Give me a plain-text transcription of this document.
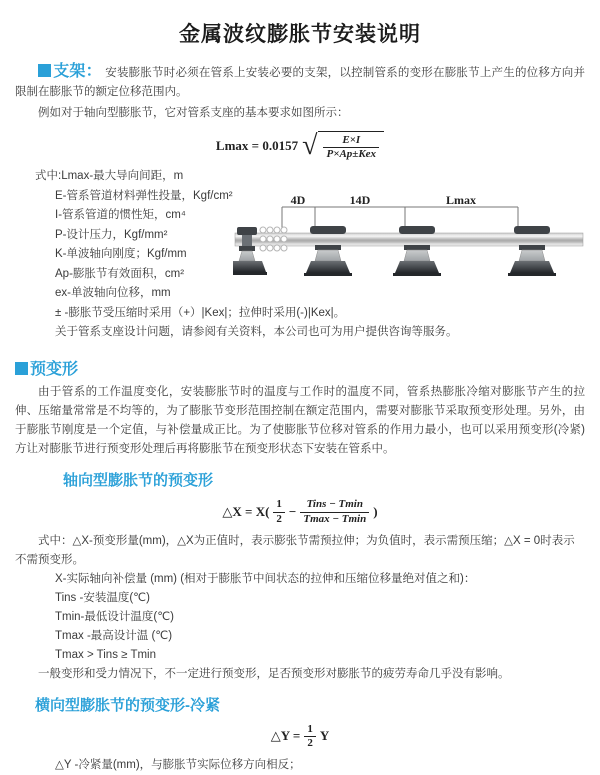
金属波纹膨胀节安装说明

支架： 安装膨胀节时必须在管系上安装必要的支架，以控制管系的变形在膨胀节上产生的位移方向并限制在膨胀节的额定位移范围内。

例如对于轴向型膨胀节，它对管系支座的基本要求如图所示：

Lmax = 0.0157 √ $\frac{E\times I}{\text{P×Ap±Kex}}$
式中:Lmax-最大导向间距，m
E-管系管道材料弹性投量，Kgf/cm²
I-管系管道的惯性矩，cm⁴
P-设计压力，Kgf/mm²
K-单波轴向刚度；Kgf/mm
Ap-膨胀节有效面积，cm²
ex-单波轴向位移，mm
± -膨胀节受压缩时采用（+）|Kex|；拉伸时采用(-)|Kex|。
关于管系支座设计问题，请参阅有关资料，本公司也可为用户提供咨询等服务。
4D	14D	Lmax
预变形

由于管系的工作温度变化，安装膨胀节时的温度与工作时的温度不同，管系热膨胀冷缩对膨胀节产生的拉伸、压缩量常常是不均等的，为了膨胀节变形范围控制在额定范围内，需要对膨胀节采取预变形处理。另外，由于膨胀节刚度是一个定值，与补偿量成正比。为了使膨胀节位移对管系的作用力最小，也可以采用预变形(冷紧)方让对膨胀节进行预变形处理后再将膨胀节在预变形状态下安装在管系中。

轴向型膨胀节的预变形
△X = $X( \frac{1}{2} - \frac{\text{Tins − Tmin}}{Tmax - Tmin}$ )

式中：△X-预变形量(mm)，△X为正值时，表示膨张节需预拉伸；为负值时，表示需预压缩；△X = 0时表示不需预变形。

X-实际轴向补偿量 (mm) (相对于膨胀节中间状态的拉伸和压缩位移量绝对值之和)：

Tins -安装温度(℃)

Tmin-最低设计温度(℃)

Tmax -最高设计温 (℃)

Tmax > Tins ≥ Tmin

一般变形和受力情况下，不一定进行预变形，足否预变形对膨胀节的疲劳寿命几乎没有影响。

横向型膨胀节的预变形-冷紧
△Y = $\frac{1}{2}$ Y

△Y -冷紧量(mm)，与膨胀节实际位移方向相反；
